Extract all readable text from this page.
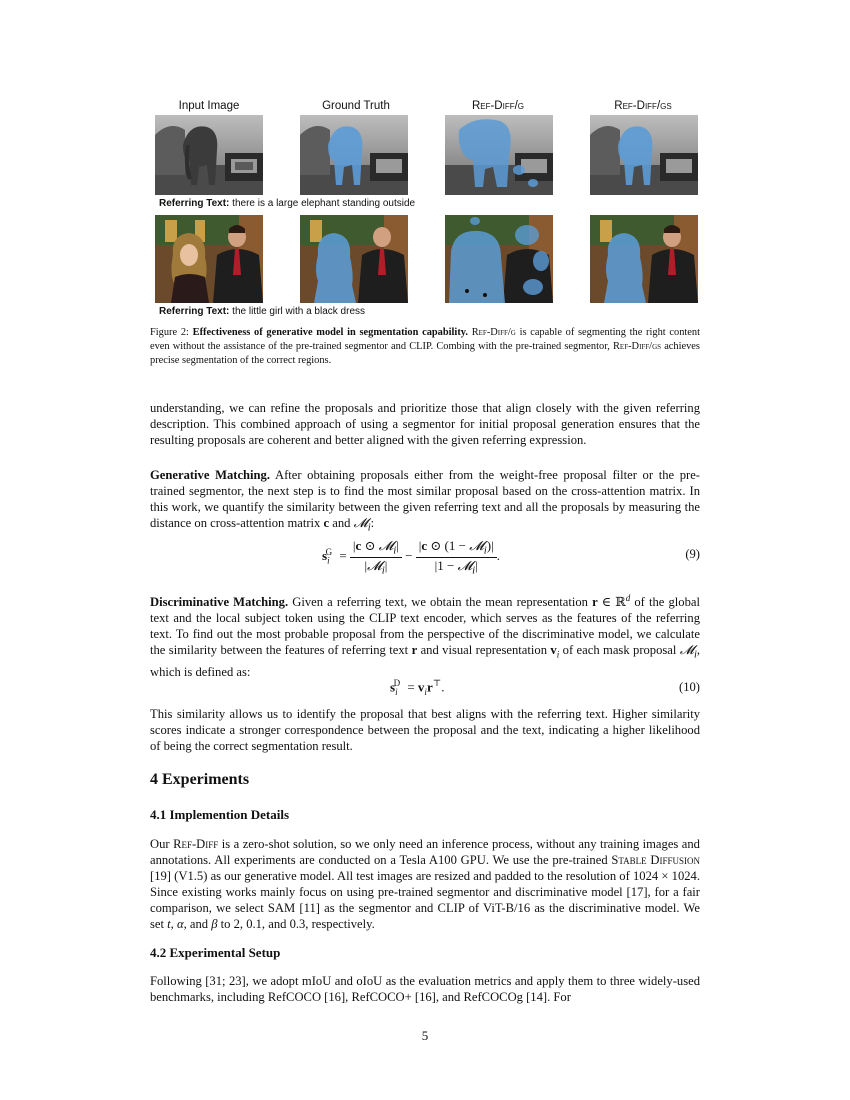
Input Image	Ground Truth	Ref-Diff/g	Ref-Diff/gs
Referring Text: there is a large elephant standing outside
Referring Text: the little girl with a black dress
Figure 2: Effectiveness of generative model in segmentation capability. Ref-Diff/g is capable of segmenting the right content even without the assistance of the pre-trained segmentor and CLIP. Combing with the pre-trained segmentor, Ref-Diff/gs achieves precise segmentation of the correct regions.
understanding, we can refine the proposals and prioritize those that align closely with the given referring description. This combined approach of using a segmentor for initial proposal generation ensures that the resulting proposals are coherent and better aligned with the given referring expression.
Generative Matching. After obtaining proposals either from the weight-free proposal filter or the pre-trained segmentor, the next step is to find the most similar proposal based on the cross-attention matrix. In this work, we quantify the similarity between the given referring text and all the proposals by measuring the distance on cross-attention matrix c and 𝓜$_i$:
$s_i^G = \frac{|c ⊙ 𝓜_i|}{|𝓜_i|} - \frac{|c ⊙ (1 - 𝓜_i)|}{|1 - 𝓜_i|}$ .	(9)
Discriminative Matching. Given a referring text, we obtain the mean representation r ∈ ℝ$^d$ of the global text and the local subject token using the CLIP text encoder, which serves as the features of the referring text. To find out the most probable proposal from the perspective of the discriminative model, we calculate the similarity between the features of referring text r and visual representation $v_i$ of each mask proposal 𝓜$_i$, which is defined as:
$s_i^D = v_ir^⊤$.	(10)
This similarity allows us to identify the proposal that best aligns with the referring text. Higher similarity scores indicate a stronger correspondence between the proposal and the text, indicating a higher likelihood of being the correct segmentation result.
4 Experiments
4.1 Implemention Details
Our Ref-Diff is a zero-shot solution, so we only need an inference process, without any training images and annotations. All experiments are conducted on a Tesla A100 GPU. We use the pre-trained Stable Diffusion [19] (V1.5) as our generative model. All test images are resized and padded to the resolution of 1024 × 1024. Since existing works mainly focus on using pre-trained segmentor and discriminative model [17], for a fair comparison, we select SAM [11] as the segmentor and CLIP of ViT-B/16 as the discriminative model. We set t, α, and β to 2, 0.1, and 0.3, respectively.
4.2 Experimental Setup
Following [31; 23], we adopt mIoU and oIoU as the evaluation metrics and apply them to three widely-used benchmarks, including RefCOCO [16], RefCOCO+ [16], and RefCOCOg [14]. For
5
